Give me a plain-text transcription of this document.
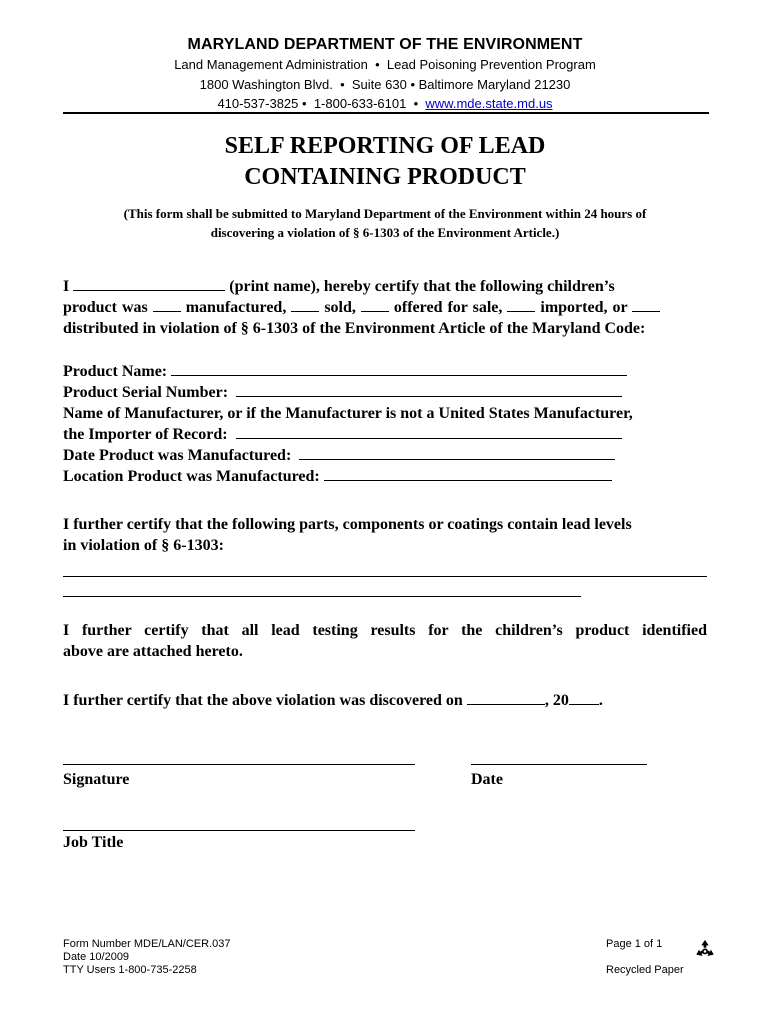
MARYLAND DEPARTMENT OF THE ENVIRONMENT
Land Management Administration • Lead Poisoning Prevention Program
1800 Washington Blvd. • Suite 630 • Baltimore Maryland 21230
410-537-3825 • 1-800-633-6101 • www.mde.state.md.us
SELF REPORTING OF LEAD
CONTAINING PRODUCT
(This form shall be submitted to Maryland Department of the Environment within 24 hours of
discovering a violation of § 6-1303 of the Environment Article.)
I	(print name), hereby certify that the following children’s
product was  manufactured,  sold,  offered for sale,  imported, or
distributed in violation of § 6-1303 of the Environment Article of the Maryland Code:
Product Name:
Product Serial Number:
Name of Manufacturer, or if the Manufacturer is not a United States Manufacturer,
the Importer of Record:
Date Product was Manufactured:
Location Product was Manufactured:
I further certify that the following parts, components or coatings contain lead levels
in violation of § 6-1303:
I further certify that all lead testing results for the children’s product identified
above are attached hereto.
I further certify that the above violation was discovered on	, 20 .
Signature	Date
Job Title
Form Number MDE/LAN/CER.037
Date 10/2009
TTY Users 1-800-735-2258
Page 1 of 1
Recycled Paper
